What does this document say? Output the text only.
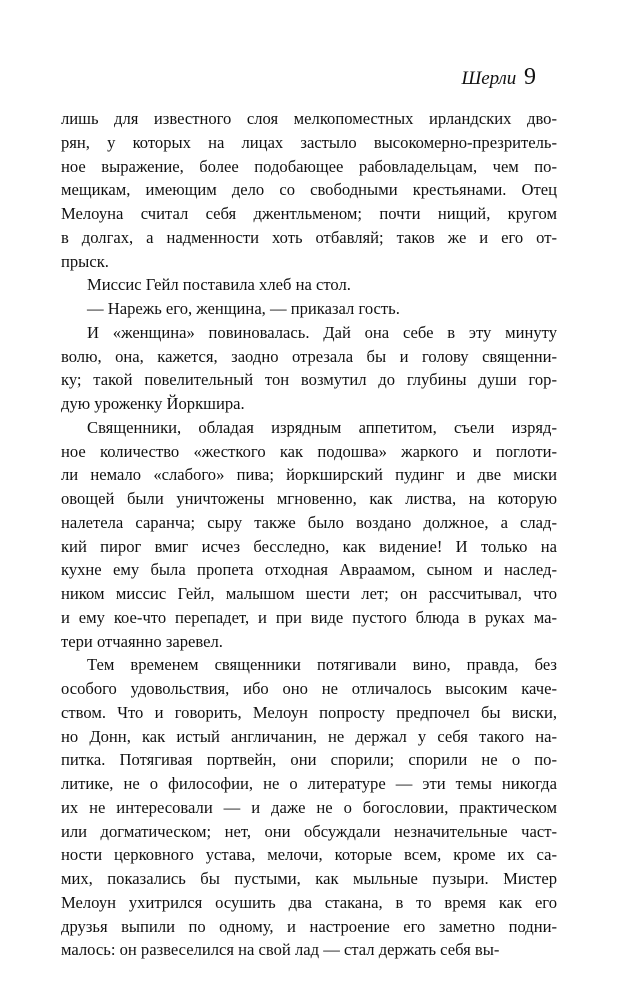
Шерли 9
лишь для известного слоя мелкопоместных ирландских дво-
рян, у которых на лицах застыло высокомерно-презритель-
ное выражение, более подобающее рабовладельцам, чем по-
мещикам, имеющим дело со свободными крестьянами. Отец
Мелоуна считал себя джентльменом; почти нищий, кругом
в долгах, а надменности хоть отбавляй; таков же и его от-
прыск.
Миссис Гейл поставила хлеб на стол.
— Нарежь его, женщина, — приказал гость.
И «женщина» повиновалась. Дай она себе в эту минуту
волю, она, кажется, заодно отрезала бы и голову священни-
ку; такой повелительный тон возмутил до глубины души гор-
дую уроженку Йоркшира.
Священники, обладая изрядным аппетитом, съели изряд-
ное количество «жесткого как подошва» жаркого и поглоти-
ли немало «слабого» пива; йоркширский пудинг и две миски
овощей были уничтожены мгновенно, как листва, на которую
налетела саранча; сыру также было воздано должное, а слад-
кий пирог вмиг исчез бесследно, как видение! И только на
кухне ему была пропета отходная Авраамом, сыном и наслед-
ником миссис Гейл, малышом шести лет; он рассчитывал, что
и ему кое-что перепадет, и при виде пустого блюда в руках ма-
тери отчаянно заревел.
Тем временем священники потягивали вино, правда, без
особого удовольствия, ибо оно не отличалось высоким каче-
ством. Что и говорить, Мелоун попросту предпочел бы виски,
но Донн, как истый англичанин, не держал у себя такого на-
питка. Потягивая портвейн, они спорили; спорили не о по-
литике, не о философии, не о литературе — эти темы никогда
их не интересовали — и даже не о богословии, практическом
или догматическом; нет, они обсуждали незначительные част-
ности церковного устава, мелочи, которые всем, кроме их са-
мих, показались бы пустыми, как мыльные пузыри. Мистер
Мелоун ухитрился осушить два стакана, в то время как его
друзья выпили по одному, и настроение его заметно подни-
малось: он развеселился на свой лад — стал держать себя вы-
